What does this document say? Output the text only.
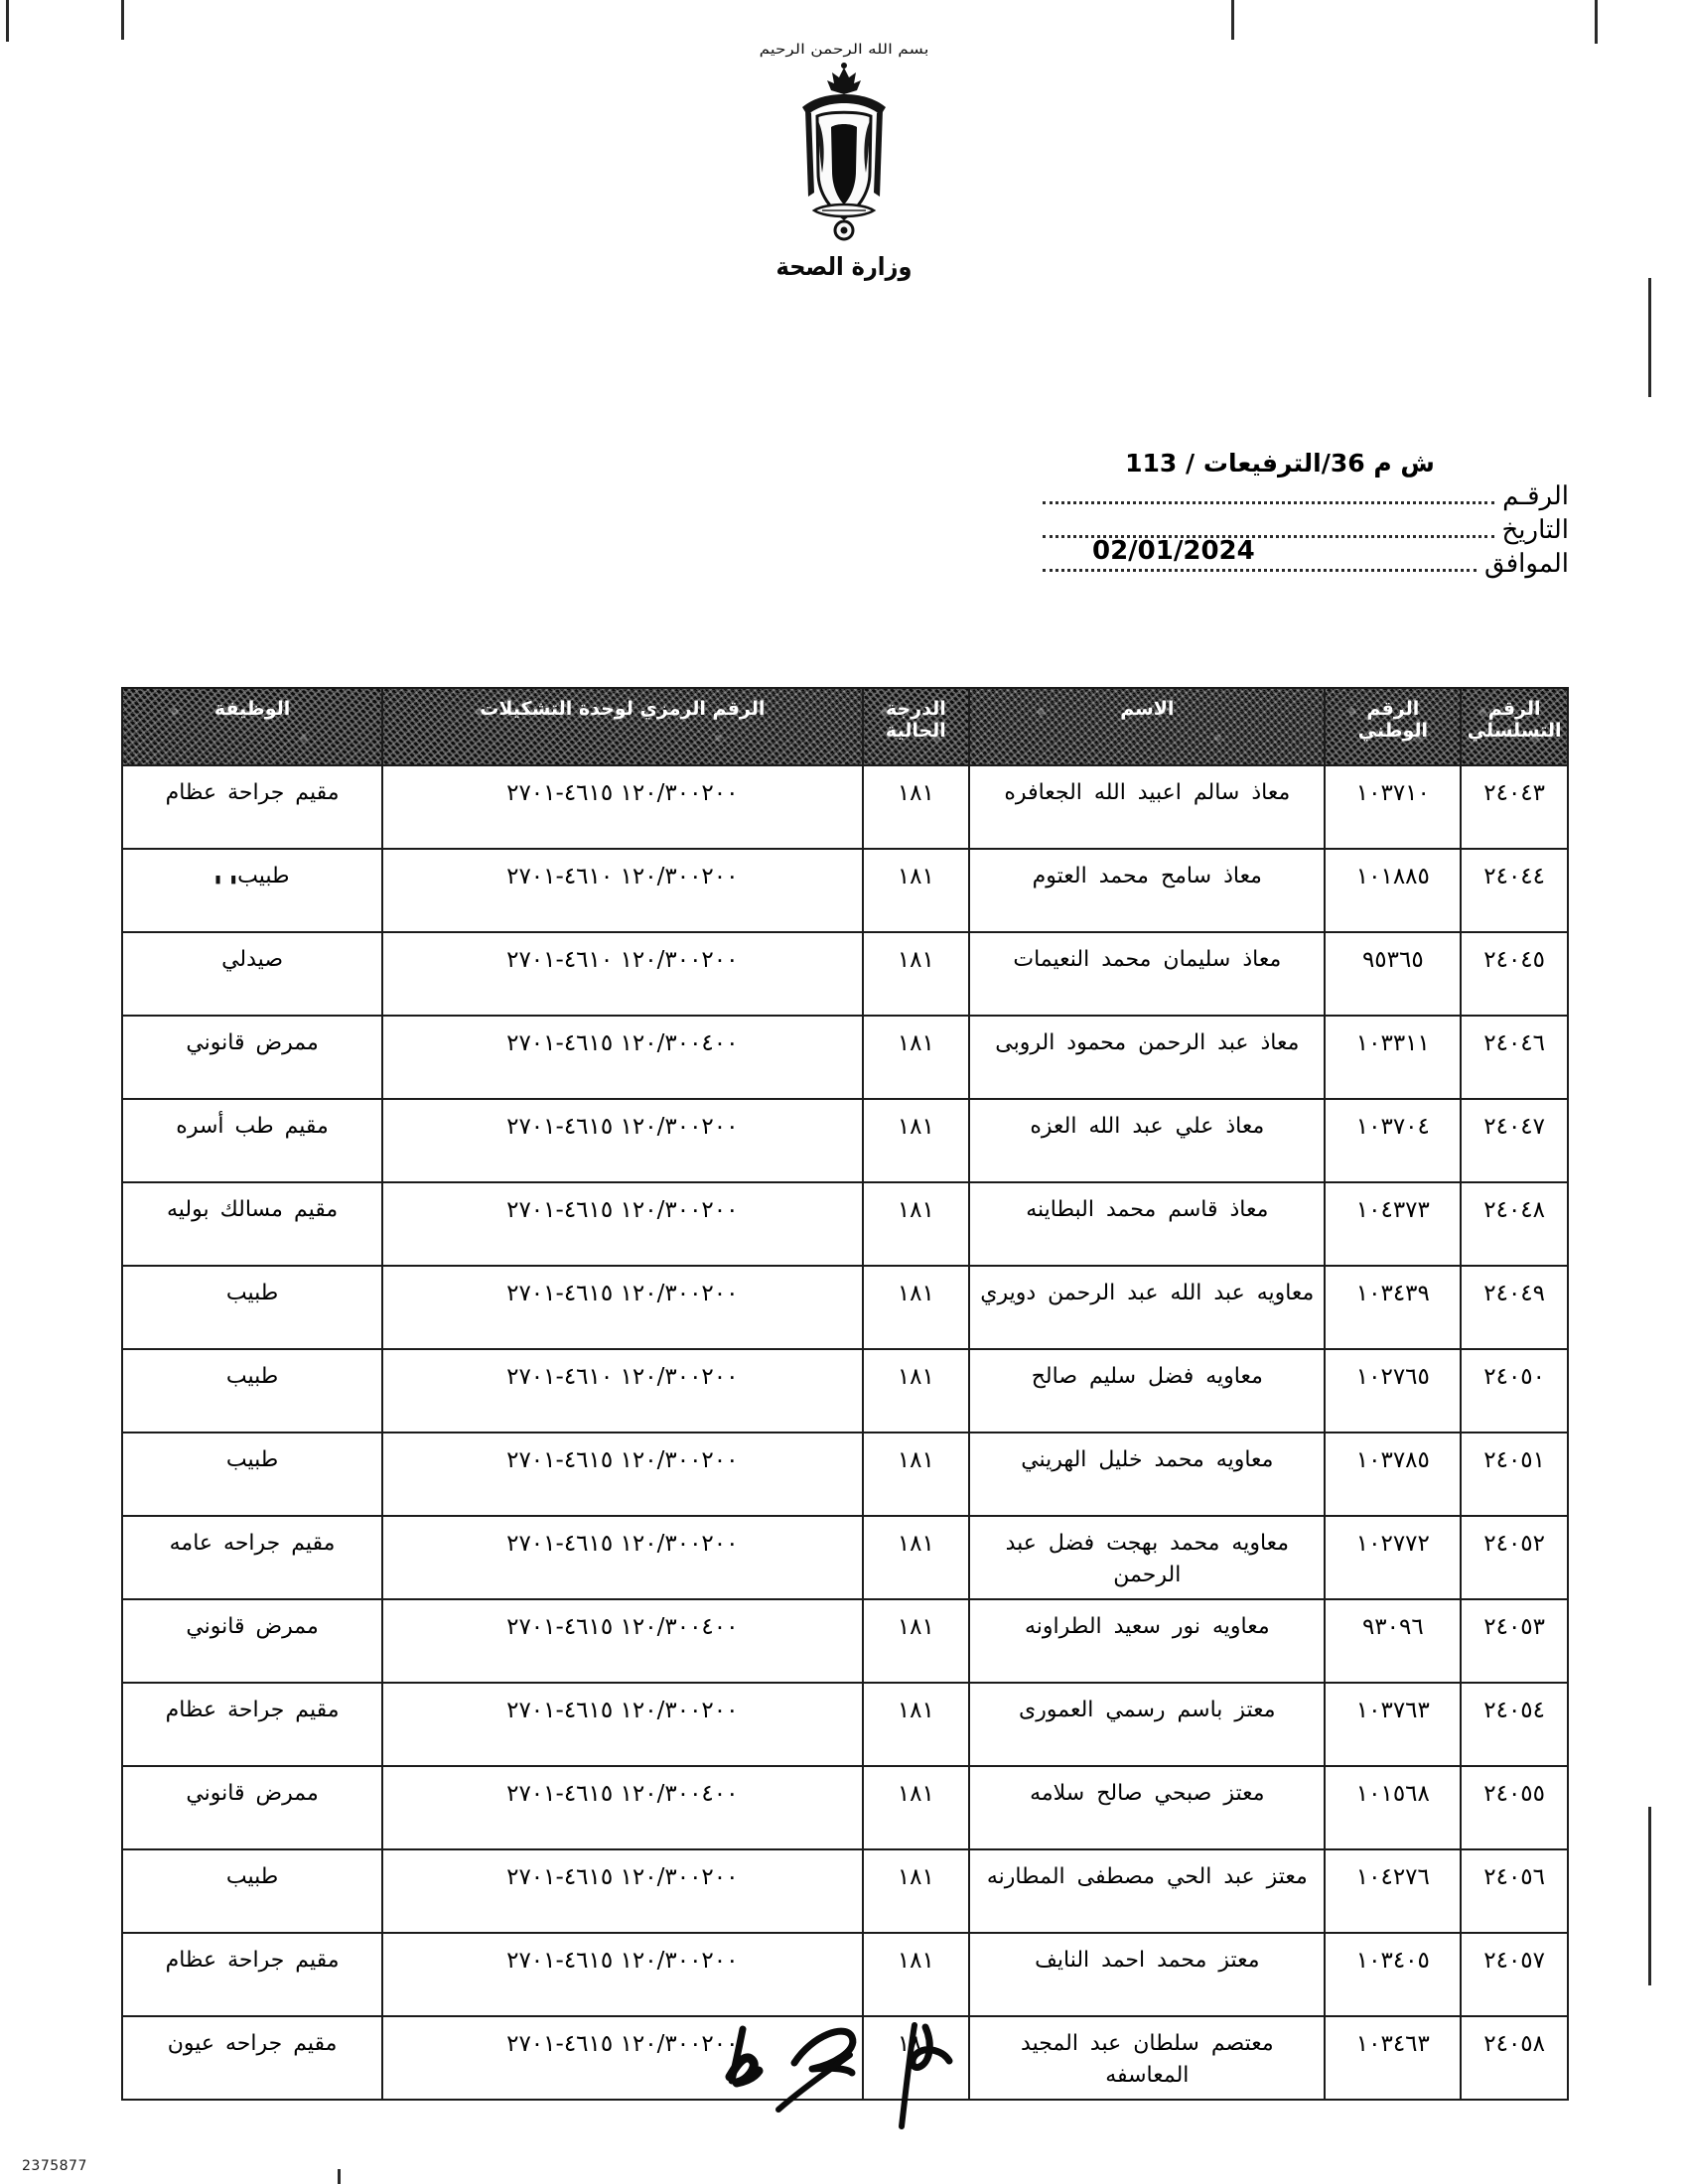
بسم الله الرحمن الرحيم
وزارة الصحة
ش م 36/الترفيعات / 113
الرقـم
التاريخ
الموافق
02/01/2024
الرقم التسلسلي	الرقم الوطني	الاسم	الدرجة الحالية	الرقم الرمزي لوحدة التشكيلات	الوظيفة

٢٤٠٤٣	١٠٣٧١٠	معاذ سالم اعبيد الله الجعافره	١٨١	١٢٠/٣٠٠٢٠٠ ٤٦١٥-٢٧٠١	مقيم جراحة عظام

٢٤٠٤٤	١٠١٨٨٥	معاذ سامح محمد العتوم	١٨١	١٢٠/٣٠٠٢٠٠ ٤٦١٠-٢٧٠١	طبيب▮ ▮

٢٤٠٤٥	٩٥٣٦٥	معاذ سليمان محمد النعيمات	١٨١	١٢٠/٣٠٠٢٠٠ ٤٦١٠-٢٧٠١	صيدلي

٢٤٠٤٦	١٠٣٣١١	معاذ عبد الرحمن محمود الروبى	١٨١	١٢٠/٣٠٠٤٠٠ ٤٦١٥-٢٧٠١	ممرض قانوني

٢٤٠٤٧	١٠٣٧٠٤	معاذ علي عبد الله العزه	١٨١	١٢٠/٣٠٠٢٠٠ ٤٦١٥-٢٧٠١	مقيم طب أسره

٢٤٠٤٨	١٠٤٣٧٣	معاذ قاسم محمد البطاينه	١٨١	١٢٠/٣٠٠٢٠٠ ٤٦١٥-٢٧٠١	مقيم مسالك بوليه

٢٤٠٤٩	١٠٣٤٣٩	معاويه عبد الله عبد الرحمن دويري	١٨١	١٢٠/٣٠٠٢٠٠ ٤٦١٥-٢٧٠١	طبيب

٢٤٠٥٠	١٠٢٧٦٥	معاويه فضل سليم صالح	١٨١	١٢٠/٣٠٠٢٠٠ ٤٦١٠-٢٧٠١	طبيب

٢٤٠٥١	١٠٣٧٨٥	معاويه محمد خليل الهريني	١٨١	١٢٠/٣٠٠٢٠٠ ٤٦١٥-٢٧٠١	طبيب

٢٤٠٥٢	١٠٢٧٧٢	معاويه محمد بهجت فضل عبد الرحمن	١٨١	١٢٠/٣٠٠٢٠٠ ٤٦١٥-٢٧٠١	مقيم جراحه عامه

٢٤٠٥٣	٩٣٠٩٦	معاويه نور سعيد الطراونه	١٨١	١٢٠/٣٠٠٤٠٠ ٤٦١٥-٢٧٠١	ممرض قانوني

٢٤٠٥٤	١٠٣٧٦٣	معتز باسم رسمي العمورى	١٨١	١٢٠/٣٠٠٢٠٠ ٤٦١٥-٢٧٠١	مقيم جراحة عظام

٢٤٠٥٥	١٠١٥٦٨	معتز صبحي صالح سلامه	١٨١	١٢٠/٣٠٠٤٠٠ ٤٦١٥-٢٧٠١	ممرض قانوني

٢٤٠٥٦	١٠٤٢٧٦	معتز عبد الحي مصطفى المطارنه	١٨١	١٢٠/٣٠٠٢٠٠ ٤٦١٥-٢٧٠١	طبيب

٢٤٠٥٧	١٠٣٤٠٥	معتز محمد احمد النايف	١٨١	١٢٠/٣٠٠٢٠٠ ٤٦١٥-٢٧٠١	مقيم جراحة عظام

٢٤٠٥٨	١٠٣٤٦٣	معتصم سلطان عبد المجيد المعاسفه	١٨١	١٢٠/٣٠٠٢٠٠ ٤٦١٥-٢٧٠١	مقيم جراحه عيون
2375877
